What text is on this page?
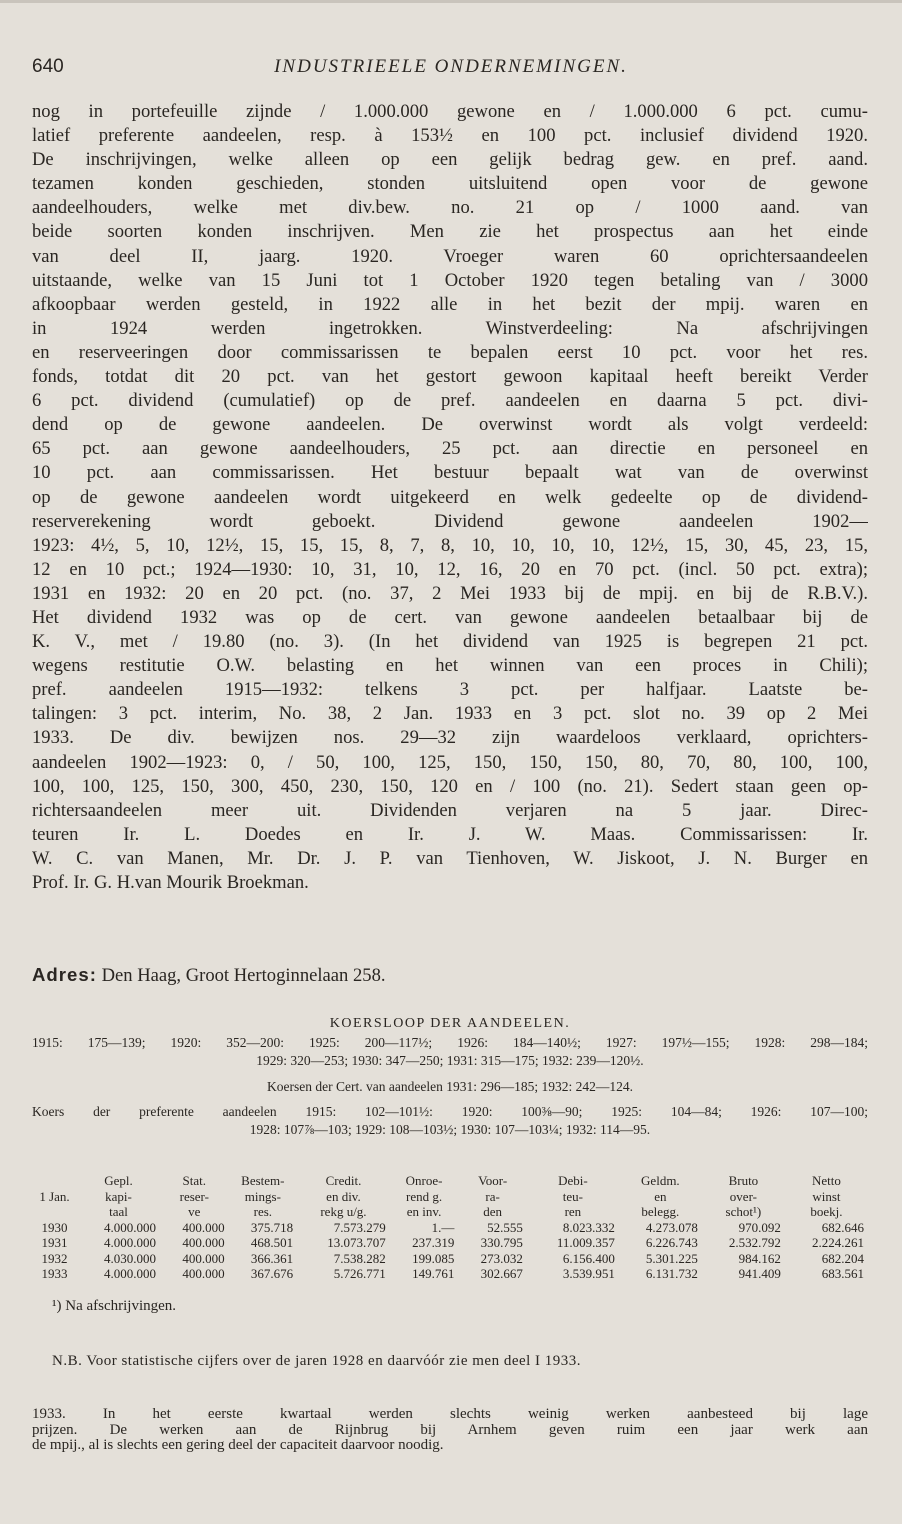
640	INDUSTRIEELE ONDERNEMINGEN.
nog in portefeuille zijnde / 1.000.000 gewone en / 1.000.000 6 pct. cumu-
latief preferente aandeelen, resp. à 153½ en 100 pct. inclusief dividend 1920.
De inschrijvingen, welke alleen op een gelijk bedrag gew. en pref. aand.
tezamen konden geschieden, stonden uitsluitend open voor de gewone
aandeelhouders, welke met div.bew. no. 21 op / 1000 aand. van
beide soorten konden inschrijven. Men zie het prospectus aan het einde
van deel II, jaarg. 1920. Vroeger waren 60 oprichtersaandeelen
uitstaande, welke van 15 Juni tot 1 October 1920 tegen betaling van / 3000
afkoopbaar werden gesteld, in 1922 alle in het bezit der mpij. waren en
in 1924 werden ingetrokken. Winstverdeeling: Na afschrijvingen
en reserveeringen door commissarissen te bepalen eerst 10 pct. voor het res.
fonds, totdat dit 20 pct. van het gestort gewoon kapitaal heeft bereikt Verder
6 pct. dividend (cumulatief) op de pref. aandeelen en daarna 5 pct. divi-
dend op de gewone aandeelen. De overwinst wordt als volgt verdeeld:
65 pct. aan gewone aandeelhouders, 25 pct. aan directie en personeel en
10 pct. aan commissarissen. Het bestuur bepaalt wat van de overwinst
op de gewone aandeelen wordt uitgekeerd en welk gedeelte op de dividend-
reserverekening wordt geboekt. Dividend gewone aandeelen 1902—
1923: 4½, 5, 10, 12½, 15, 15, 15, 8, 7, 8, 10, 10, 10, 10, 12½, 15, 30, 45, 23, 15,
12 en 10 pct.; 1924—1930: 10, 31, 10, 12, 16, 20 en 70 pct. (incl. 50 pct. extra);
1931 en 1932: 20 en 20 pct. (no. 37, 2 Mei 1933 bij de mpij. en bij de R.B.V.).
Het dividend 1932 was op de cert. van gewone aandeelen betaalbaar bij de
K. V., met / 19.80 (no. 3). (In het dividend van 1925 is begrepen 21 pct.
wegens restitutie O.W. belasting en het winnen van een proces in Chili);
pref. aandeelen 1915—1932: telkens 3 pct. per halfjaar. Laatste be-
talingen: 3 pct. interim, No. 38, 2 Jan. 1933 en 3 pct. slot no. 39 op 2 Mei
1933. De div. bewijzen nos. 29—32 zijn waardeloos verklaard, oprichters-
aandeelen 1902—1923: 0, / 50, 100, 125, 150, 150, 150, 80, 70, 80, 100, 100,
100, 100, 125, 150, 300, 450, 230, 150, 120 en / 100 (no. 21). Sedert staan geen op-
richtersaandeelen meer uit. Dividenden verjaren na 5 jaar. Direc-
teuren Ir. L. Doedes en Ir. J. W. Maas. Commissarissen: Ir.
W. C. van Manen, Mr. Dr. J. P. van Tienhoven, W. Jiskoot, J. N. Burger en
Prof. Ir. G. H.van Mourik Broekman.
Adres: Den Haag, Groot Hertoginnelaan 258.
KOERSLOOP DER AANDEELEN.
1915: 175—139; 1920: 352—200: 1925: 200—117½; 1926: 184—140½; 1927: 197½—155; 1928: 298—184;
1929: 320—253; 1930: 347—250; 1931: 315—175; 1932: 239—120½.
Koersen der Cert. van aandeelen 1931: 296—185; 1932: 242—124.
Koers der preferente aandeelen 1915: 102—101½: 1920: 100⅜—90; 1925: 104—84; 1926: 107—100;
1928: 107⅞—103; 1929: 108—103½; 1930: 107—103¼; 1932: 114—95.
	Gepl.	Stat.	Bestem-	Credit.	Onroe-	Voor-	Debi-	Geldm.	Bruto	Netto
1 Jan.	kapi-	reser-	mings-	en div.	rend g.	ra-	teu-	en	over-	winst
	taal	ve	res.	rekg u/g.	en inv.	den	ren	belegg.	schot¹)	boekj.
1930	4.000.000	400.000	375.718	7.573.279	1.—	52.555	8.023.332	4.273.078	970.092	682.646
1931	4.000.000	400.000	468.501	13.073.707	237.319	330.795	11.009.357	6.226.743	2.532.792	2.224.261
1932	4.030.000	400.000	366.361	7.538.282	199.085	273.032	6.156.400	5.301.225	984.162	682.204
1933	4.000.000	400.000	367.676	5.726.771	149.761	302.667	3.539.951	6.131.732	941.409	683.561
¹) Na afschrijvingen.
N.B. Voor statistische cijfers over de jaren 1928 en daarvóór zie men deel I 1933.
1933. In het eerste kwartaal werden slechts weinig werken aanbesteed bij lage
prijzen. De werken aan de Rijnbrug bij Arnhem geven ruim een jaar werk aan
de mpij., al is slechts een gering deel der capaciteit daarvoor noodig.
